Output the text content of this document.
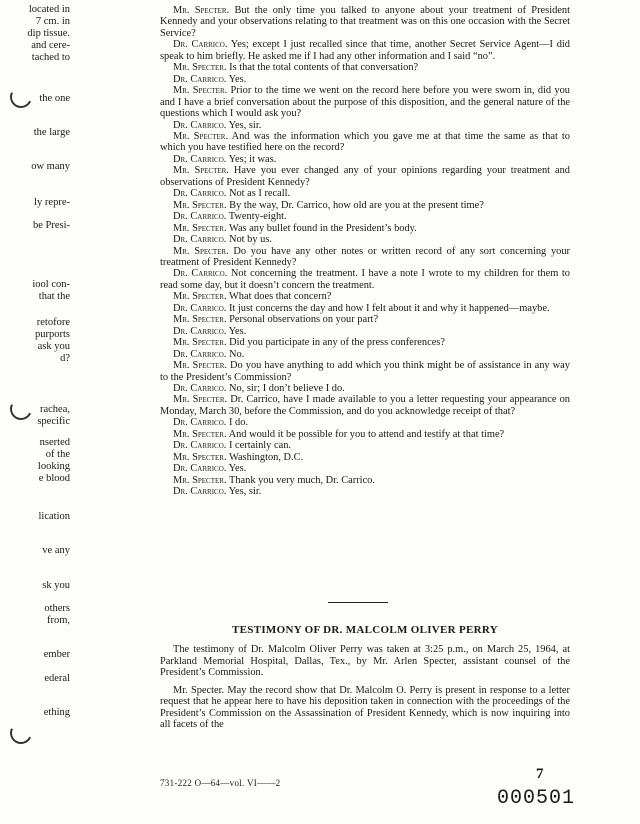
located in
7 cm. in
dip tissue.
and cere-
tached to
the one
the large
ow many
ly repre-
be Presi-
iool con-
that the
retofore
purports
ask you
d?
rachea,
specific
nserted
of the
looking
e blood
lication
ve any
sk you
others
from,
ember
ederal
ething

Mr. Specter. But the only time you talked to anyone about your treatment of President Kennedy and your observations relating to that treatment was on this one occasion with the Secret Service?

Dr. Carrico. Yes; except I just recalled since that time, another Secret Service Agent—I did speak to him briefly. He asked me if I had any other information and I said “no”.

Mr. Specter. Is that the total contents of that conversation?

Dr. Carrico. Yes.

Mr. Specter. Prior to the time we went on the record here before you were sworn in, did you and I have a brief conversation about the purpose of this disposition, and the general nature of the questions which I would ask you?

Dr. Carrico. Yes, sir.

Mr. Specter. And was the information which you gave me at that time the same as that to which you have testified here on the record?

Dr. Carrico. Yes; it was.

Mr. Specter. Have you ever changed any of your opinions regarding your treatment and observations of President Kennedy?

Dr. Carrico. Not as I recall.

Mr. Specter. By the way, Dr. Carrico, how old are you at the present time?

Dr. Carrico. Twenty-eight.

Mr. Specter. Was any bullet found in the President’s body.

Dr. Carrico. Not by us.

Mr. Specter. Do you have any other notes or written record of any sort concerning your treatment of President Kennedy?

Dr. Carrico. Not concerning the treatment. I have a note I wrote to my children for them to read some day, but it doesn’t concern the treatment.

Mr. Specter. What does that concern?

Dr. Carrico. It just concerns the day and how I felt about it and why it happened—maybe.

Mr. Specter. Personal observations on your part?

Dr. Carrico. Yes.

Mr. Specter. Did you participate in any of the press conferences?

Dr. Carrico. No.

Mr. Specter. Do you have anything to add which you think might be of assistance in any way to the President’s Commission?

Dr. Carrico. No, sir; I don’t believe I do.

Mr. Specter. Dr. Carrico, have I made available to you a letter requesting your appearance on Monday, March 30, before the Commission, and do you acknowledge receipt of that?

Dr. Carrico. I do.

Mr. Specter. And would it be possible for you to attend and testify at that time?

Dr. Carrico. I certainly can.

Mr. Specter. Washington, D.C.

Dr. Carrico. Yes.

Mr. Specter. Thank you very much, Dr. Carrico.

Dr. Carrico. Yes, sir.

TESTIMONY OF DR. MALCOLM OLIVER PERRY

The testimony of Dr. Malcolm Oliver Perry was taken at 3:25 p.m., on March 25, 1964, at Parkland Memorial Hospital, Dallas, Tex., by Mr. Arlen Specter, assistant counsel of the President’s Commission.

Mr. Specter. May the record show that Dr. Malcolm O. Perry is present in response to a letter request that he appear here to have his deposition taken in connection with the proceedings of the President’s Commission on the Assassination of President Kennedy, which is now inquiring into all facets of the

731-222 O—64—vol. VI——2
7
000501
